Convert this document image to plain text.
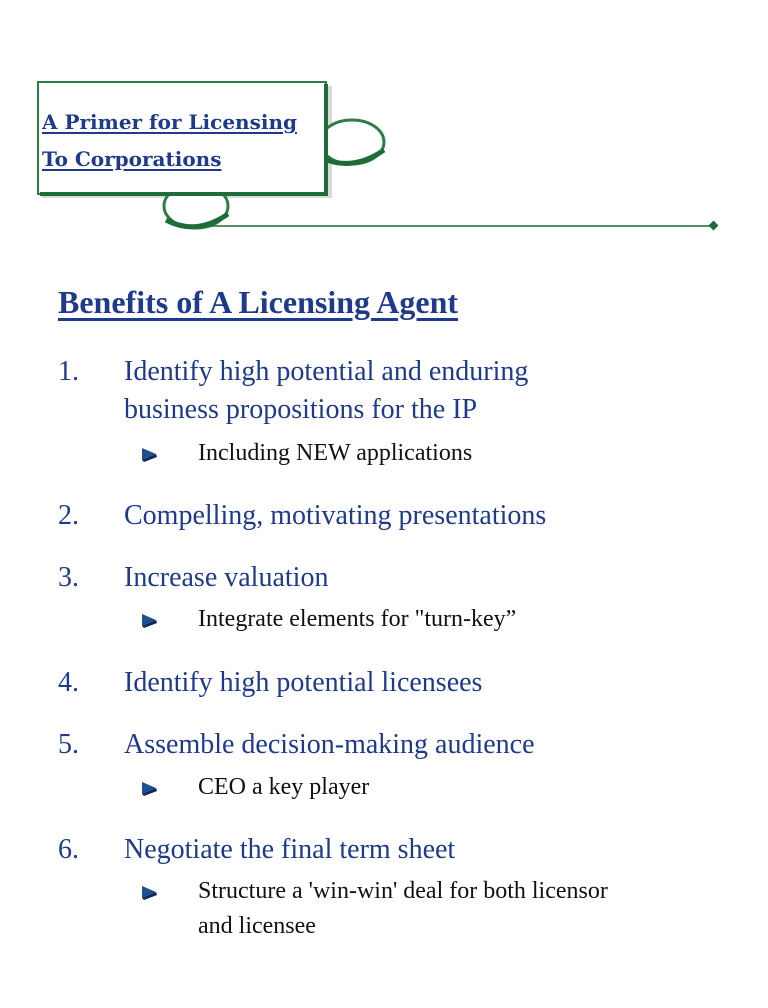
A Primer for Licensing
To Corporations
Benefits of A Licensing Agent
1. Identify high potential and enduring
business propositions for the IP
Including NEW applications
2. Compelling, motivating presentations
3. Increase valuation
Integrate elements for "turn-key”
4. Identify high potential licensees
5. Assemble decision-making audience
CEO a key player
6. Negotiate the final term sheet
Structure a 'win-win' deal for both licensor
and licensee
